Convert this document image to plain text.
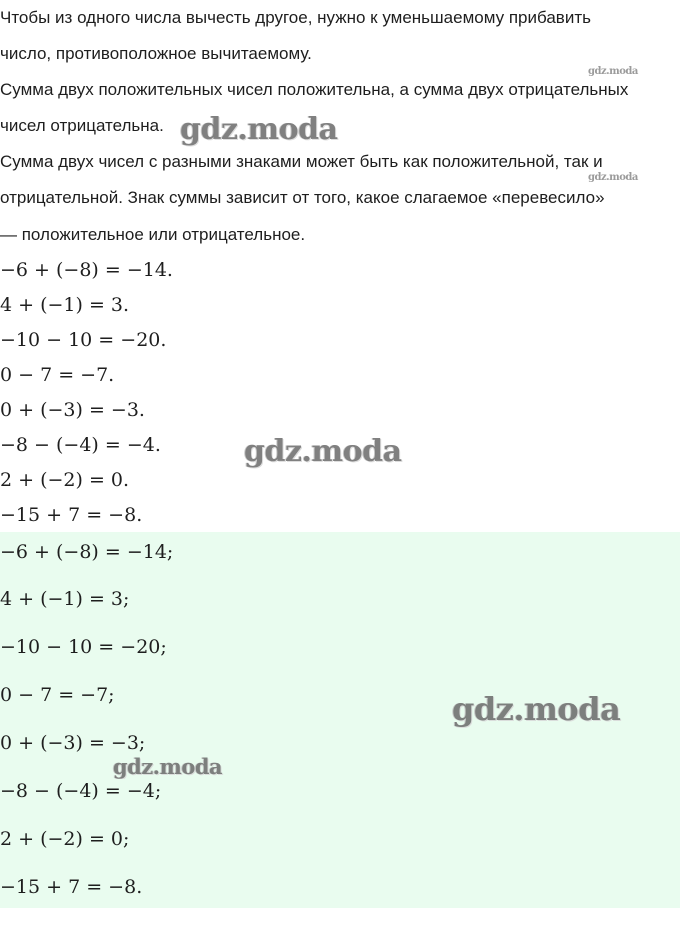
Чтобы из одного числа вычесть другое, нужно к уменьшаемому прибавить

число, противоположное вычитаемому.

Сумма двух положительных чисел положительна, а сумма двух отрицательных

чисел отрицательна.

Сумма двух чисел с разными знаками может быть как положительной, так и

отрицательной. Знак суммы зависит от того, какое слагаемое «перевесило»

— положительное или отрицательное.

−6 + (−8) = −14.

4 + (−1) = 3.

−10 − 10 = −20.

0 − 7 = −7.

0 + (−3) = −3.

−8 − (−4) = −4.

2 + (−2) = 0.

−15 + 7 = −8.

−6 + (−8) = −14;

4 + (−1) = 3;

−10 − 10 = −20;

0 − 7 = −7;

0 + (−3) = −3;

−8 − (−4) = −4;

2 + (−2) = 0;

−15 + 7 = −8.

gdz.moda
gdz.moda
gdz.moda
gdz.moda
gdz.moda
gdz.moda
